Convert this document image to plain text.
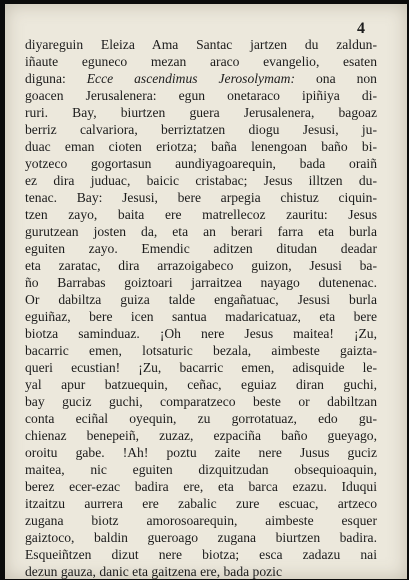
4
diyareguin Eleiza Ama Santac jartzen du zaldun-
iñaute eguneco mezan araco evangelio, esaten
diguna: Ecce ascendimus Jerosolymam: ona non
goacen Jerusalenera: egun onetaraco ipiñiya di-
ruri. Bay, biurtzen guera Jerusalenera, bagoaz
berriz calvariora, berriztatzen diogu Jesusi, ju-
duac eman cioten eriotza; baña lenengoan baño bi-
yotzeco gogortasun aundiyagoarequin, bada oraiñ
ez dira juduac, baicic cristabac; Jesus illtzen du-
tenac. Bay: Jesusi, bere arpegia chistuz ciquin-
tzen zayo, baita ere matrellecoz zauritu: Jesus
gurutzean josten da, eta an berari farra eta burla
eguiten zayo. Emendic aditzen ditudan deadar
eta zaratac, dira arrazoigabeco guizon, Jesusi ba-
ño Barrabas goiztoari jarraitzea nayago dutenenac.
Or dabiltza guiza talde engañatuac, Jesusi burla
eguiñaz, bere icen santua madaricatuaz, eta bere
biotza saminduaz. ¡Oh nere Jesus maitea! ¡Zu,
bacarric emen, lotsaturic bezala, aimbeste gaizta-
queri ecustian! ¡Zu, bacarric emen, adisquide le-
yal apur batzuequin, ceñac, eguiaz diran guchi,
bay guciz guchi, comparatzeco beste or dabiltzan
conta eciñal oyequin, zu gorrotatuaz, edo gu-
chienaz benepeiñ, zuzaz, ezpaciña baño gueyago,
oroitu gabe. !Ah! poztu zaite nere Jusus guciz
maitea, nic eguiten dizquitzudan obsequioaquin,
berez ecer-ezac badira ere, eta barca ezazu. Iduqui
itzaitzu aurrera ere zabalic zure escuac, artzeco
zugana biotz amorosoarequin, aimbeste esquer
gaiztoco, baldin gueroago zugana biurtzen badira.
Esqueiñtzen dizut nere biotza; esca zadazu nai
dezun gauza, danic eta gaitzena ere, bada pozic
